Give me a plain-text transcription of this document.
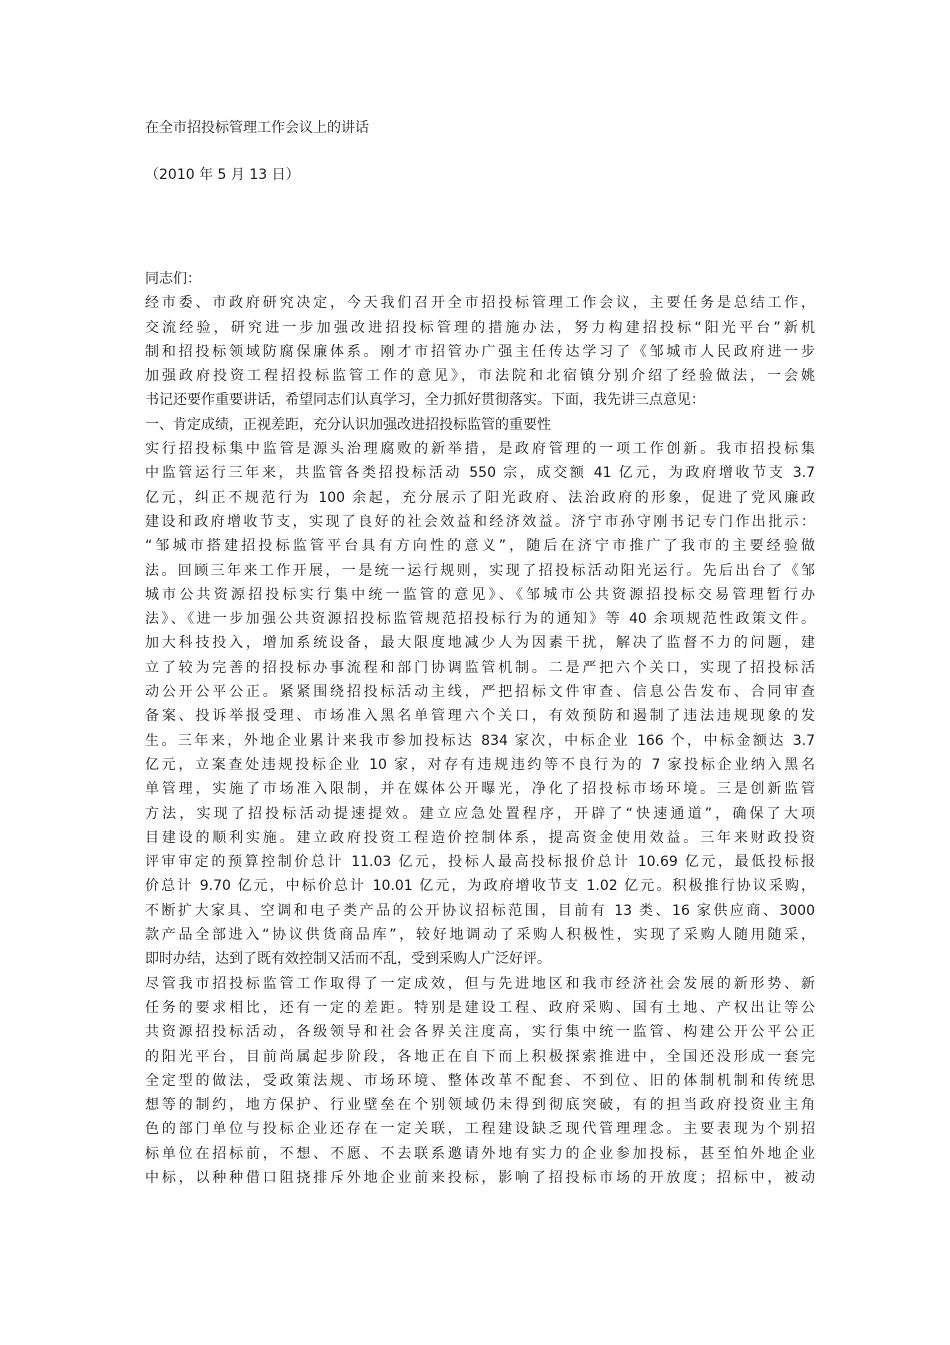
在全市招投标管理工作会议上的讲话
（2010 年 5 月 13 日）
同志们：
经市委、市政府研究决定，今天我们召开全市招投标管理工作会议，主要任务是总结工作，
交流经验，研究进一步加强改进招投标管理的措施办法，努力构建招投标“阳光平台”新机
制和招投标领域防腐保廉体系。刚才市招管办广强主任传达学习了《邹城市人民政府进一步
加强政府投资工程招投标监管工作的意见》，市法院和北宿镇分别介绍了经验做法，一会姚
书记还要作重要讲话，希望同志们认真学习，全力抓好贯彻落实。下面，我先讲三点意见：
一、肯定成绩，正视差距，充分认识加强改进招投标监管的重要性
实行招投标集中监管是源头治理腐败的新举措，是政府管理的一项工作创新。我市招投标集
中监管运行三年来，共监管各类招投标活动 550 宗，成交额 41 亿元，为政府增收节支 3.7
亿元，纠正不规范行为 100 余起，充分展示了阳光政府、法治政府的形象，促进了党风廉政
建设和政府增收节支，实现了良好的社会效益和经济效益。济宁市孙守刚书记专门作出批示：
“邹城市搭建招投标监管平台具有方向性的意义”，随后在济宁市推广了我市的主要经验做
法。回顾三年来工作开展，一是统一运行规则，实现了招投标活动阳光运行。先后出台了《邹
城市公共资源招投标实行集中统一监管的意见》、《邹城市公共资源招投标交易管理暂行办
法》、《进一步加强公共资源招投标监管规范招投标行为的通知》等 40 余项规范性政策文件。
加大科技投入，增加系统设备，最大限度地减少人为因素干扰，解决了监督不力的问题，建
立了较为完善的招投标办事流程和部门协调监管机制。二是严把六个关口，实现了招投标活
动公开公平公正。紧紧围绕招投标活动主线，严把招标文件审查、信息公告发布、合同审查
备案、投诉举报受理、市场准入黑名单管理六个关口，有效预防和遏制了违法违规现象的发
生。三年来，外地企业累计来我市参加投标达 834 家次，中标企业 166 个，中标金额达 3.7
亿元，立案查处违规投标企业 10 家，对存有违规违约等不良行为的 7 家投标企业纳入黑名
单管理，实施了市场准入限制，并在媒体公开曝光，净化了招投标市场环境。三是创新监管
方法，实现了招投标活动提速提效。建立应急处置程序，开辟了“快速通道”，确保了大项
目建设的顺利实施。建立政府投资工程造价控制体系，提高资金使用效益。三年来财政投资
评审审定的预算控制价总计 11.03 亿元，投标人最高投标报价总计 10.69 亿元，最低投标报
价总计 9.70 亿元，中标价总计 10.01 亿元，为政府增收节支 1.02 亿元。积极推行协议采购，
不断扩大家具、空调和电子类产品的公开协议招标范围，目前有 13 类、16 家供应商、3000
款产品全部进入“协议供货商品库”，较好地调动了采购人积极性，实现了采购人随用随采，
即时办结，达到了既有效控制又活而不乱，受到采购人广泛好评。
尽管我市招投标监管工作取得了一定成效，但与先进地区和我市经济社会发展的新形势、新
任务的要求相比，还有一定的差距。特别是建设工程、政府采购、国有土地、产权出让等公
共资源招投标活动，各级领导和社会各界关注度高，实行集中统一监管、构建公开公平公正
的阳光平台，目前尚属起步阶段，各地正在自下而上积极探索推进中，全国还没形成一套完
全定型的做法，受政策法规、市场环境、整体改革不配套、不到位、旧的体制机制和传统思
想等的制约，地方保护、行业壁垒在个别领域仍未得到彻底突破，有的担当政府投资业主角
色的部门单位与投标企业还存在一定关联，工程建设缺乏现代管理理念。主要表现为个别招
标单位在招标前，不想、不愿、不去联系邀请外地有实力的企业参加投标，甚至怕外地企业
中标，以种种借口阻挠排斥外地企业前来投标，影响了招投标市场的开放度；招标中，被动
